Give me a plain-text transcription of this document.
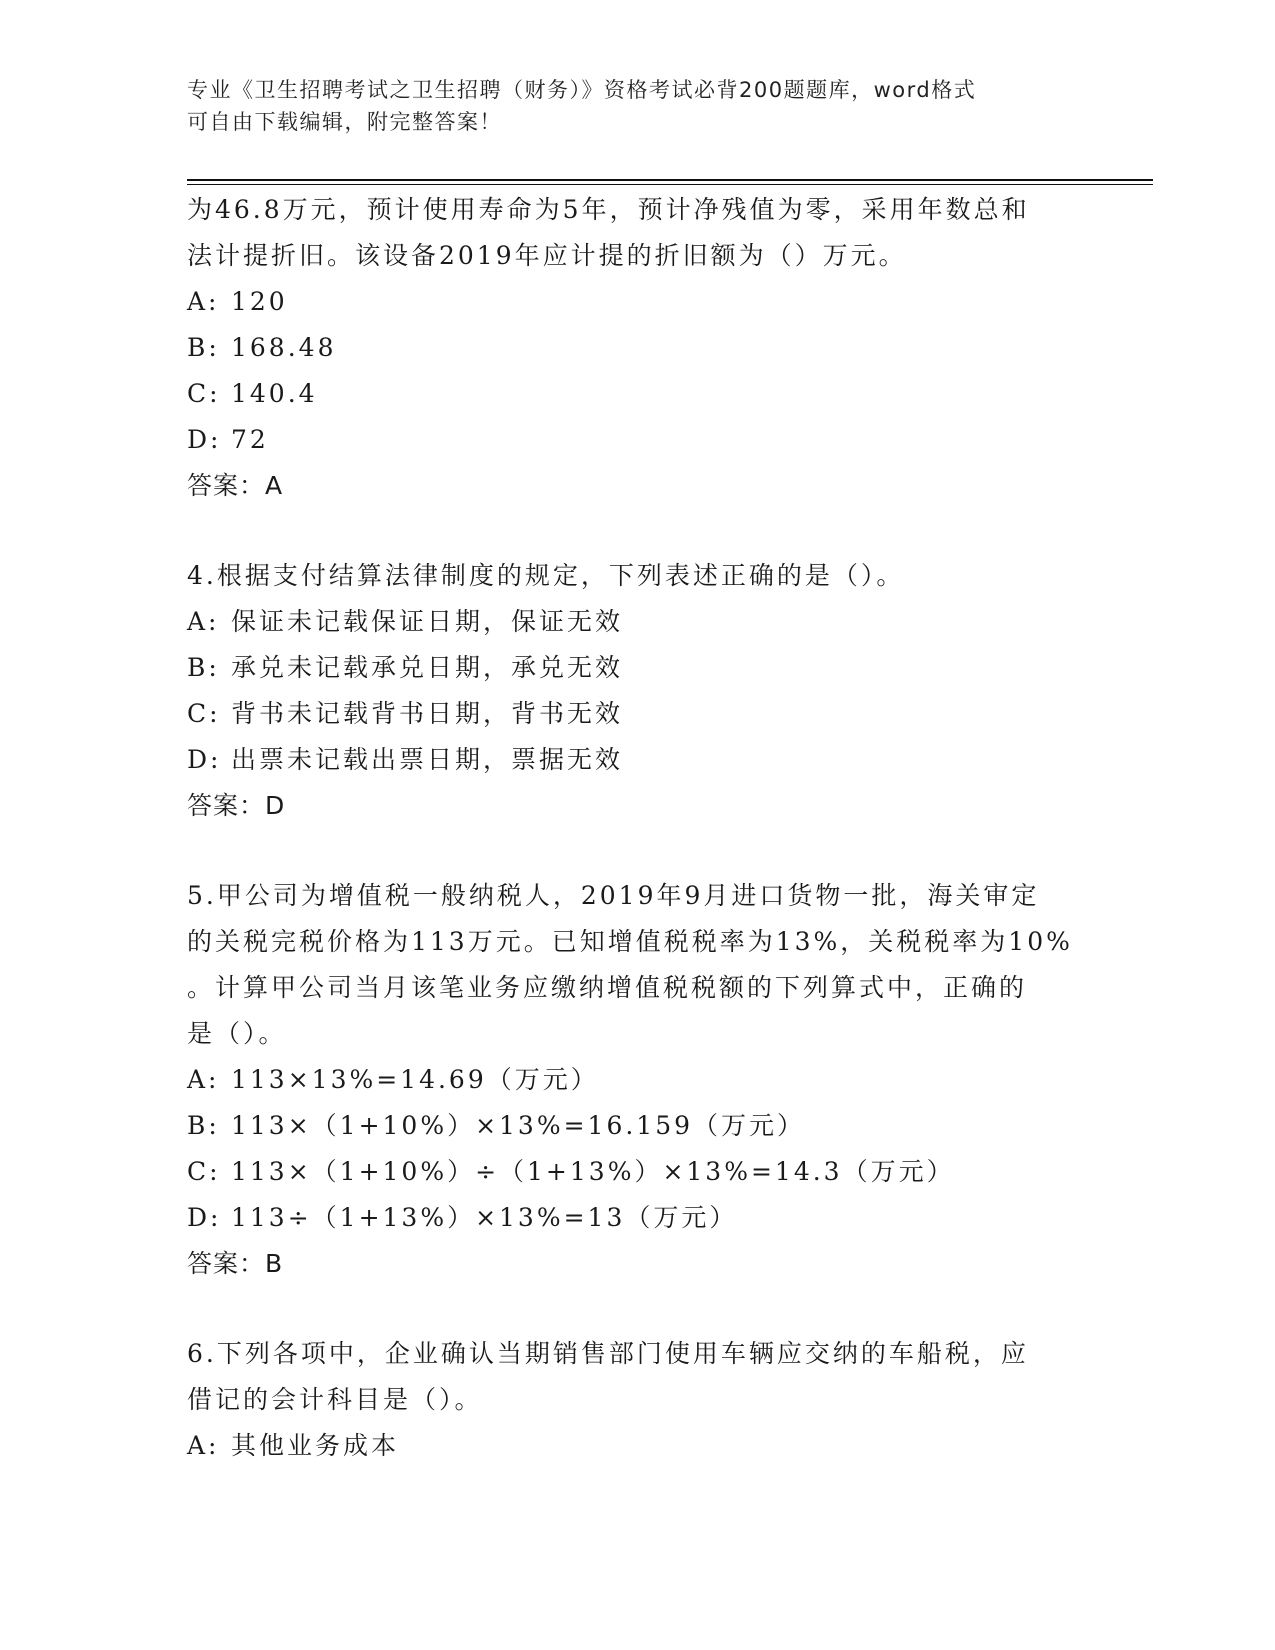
专业《卫生招聘考试之卫生招聘（财务）》资格考试必背200题题库，word格式
可自由下载编辑，附完整答案！
为46.8万元，预计使用寿命为5年，预计净残值为零，采用年数总和
法计提折旧。该设备2019年应计提的折旧额为（）万元。
A: 120
B: 168.48
C: 140.4
D: 72
答案：A
4.根据支付结算法律制度的规定，下列表述正确的是（）。
A: 保证未记载保证日期，保证无效
B: 承兑未记载承兑日期，承兑无效
C: 背书未记载背书日期，背书无效
D: 出票未记载出票日期，票据无效
答案：D
5.甲公司为增值税一般纳税人，2019年9月进口货物一批，海关审定
的关税完税价格为113万元。已知增值税税率为13%，关税税率为10%
。计算甲公司当月该笔业务应缴纳增值税税额的下列算式中，正确的
是（）。
A: 113×13%=14.69（万元）
B: 113×（1+10%）×13%=16.159（万元）
C: 113×（1+10%）÷（1+13%）×13%=14.3（万元）
D: 113÷（1+13%）×13%=13（万元）
答案：B
6.下列各项中，企业确认当期销售部门使用车辆应交纳的车船税，应
借记的会计科目是（）。
A: 其他业务成本
